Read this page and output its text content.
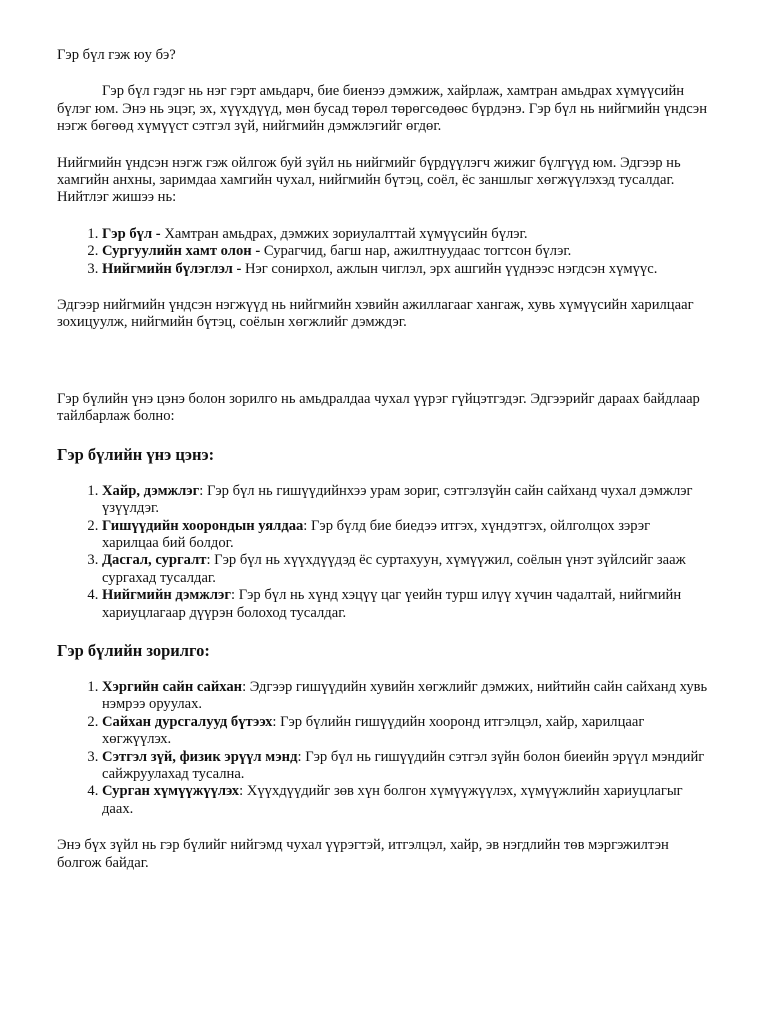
Гэр бүл гэж юу бэ?

Гэр бүл гэдэг нь нэг гэрт амьдарч, бие биенээ дэмжиж, хайрлаж, хамтран амьдрах хүмүүсийн бүлэг юм. Энэ нь эцэг, эх, хүүхдүүд, мөн бусад төрөл төрөгсөдөөс бүрдэнэ. Гэр бүл нь нийгмийн үндсэн нэгж бөгөөд хүмүүст сэтгэл зүй, нийгмийн дэмжлэгийг өгдөг.

Нийгмийн үндсэн нэгж гэж ойлгож буй зүйл нь нийгмийг бүрдүүлэгч жижиг бүлгүүд юм. Эдгээр нь хамгийн анхны, заримдаа хамгийн чухал, нийгмийн бүтэц, соёл, ёс заншлыг хөгжүүлэхэд тусалдаг. Нийтлэг жишээ нь:

1. Гэр бүл - Хамтран амьдрах, дэмжих зориулалттай хүмүүсийн бүлэг.
2. Сургуулийн хамт олон - Сурагчид, багш нар, ажилтнуудаас тогтсон бүлэг.
3. Нийгмийн бүлэглэл - Нэг сонирхол, ажлын чиглэл, эрх ашгийн үүднээс нэгдсэн хүмүүс.

Эдгээр нийгмийн үндсэн нэгжүүд нь нийгмийн хэвийн ажиллагааг хангаж, хувь хүмүүсийн харилцааг зохицуулж, нийгмийн бүтэц, соёлын хөгжлийг дэмждэг.

Гэр бүлийн үнэ цэнэ болон зорилго нь амьдралдаа чухал үүрэг гүйцэтгэдэг. Эдгээрийг дараах байдлаар тайлбарлаж болно:

Гэр бүлийн үнэ цэнэ:
1. Хайр, дэмжлэг: Гэр бүл нь гишүүдийнхээ урам зориг, сэтгэлзүйн сайн сайханд чухал дэмжлэг үзүүлдэг.
2. Гишүүдийн хоорондын уялдаа: Гэр бүлд бие биедээ итгэх, хүндэтгэх, ойлголцох зэрэг харилцаа бий болдог.
3. Дасгал, сургалт: Гэр бүл нь хүүхдүүдэд ёс суртахуун, хүмүүжил, соёлын үнэт зүйлсийг зааж сургахад тусалдаг.
4. Нийгмийн дэмжлэг: Гэр бүл нь хүнд хэцүү цаг үеийн турш илүү хүчин чадалтай, нийгмийн хариуцлагаар дүүрэн болоход тусалдаг.
Гэр бүлийн зорилго:
1. Хэргийн сайн сайхан: Эдгээр гишүүдийн хувийн хөгжлийг дэмжих, нийтийн сайн сайханд хувь нэмрээ оруулах.
2. Сайхан дурсгалууд бүтээх: Гэр бүлийн гишүүдийн хооронд итгэлцэл, хайр, харилцааг хөгжүүлэх.
3. Сэтгэл зүй, физик эрүүл мэнд: Гэр бүл нь гишүүдийн сэтгэл зүйн болон биеийн эрүүл мэндийг сайжруулахад тусална.
4. Сурган хүмүүжүүлэх: Хүүхдүүдийг зөв хүн болгон хүмүүжүүлэх, хүмүүжлийн хариуцлагыг даах.

Энэ бүх зүйл нь гэр бүлийг нийгэмд чухал үүрэгтэй, итгэлцэл, хайр, эв нэгдлийн төв мэргэжилтэн болгож байдаг.
